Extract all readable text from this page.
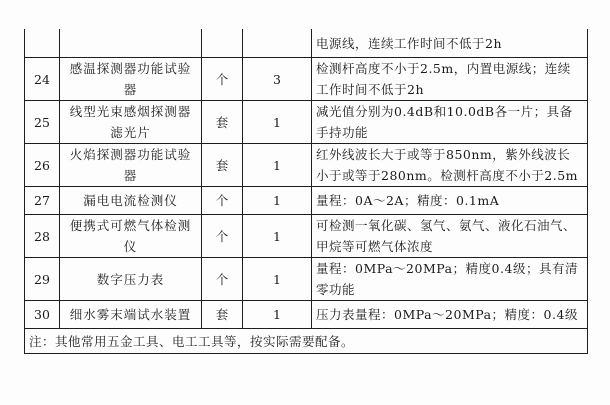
				电源线，连续工作时间不低于2h
24	感温探测器功能试验器	个	3	检测杆高度不小于2.5m，内置电源线；连续工作时间不低于2h
25	线型光束感烟探测器滤光片	套	1	减光值分别为0.4dB和10.0dB各一片；具备手持功能
26	火焰探测器功能试验器	套	1	红外线波长大于或等于850nm，紫外线波长小于或等于280nm。检测杆高度不小于2.5m
27	漏电电流检测仪	个	1	量程：0A～2A；精度：0.1mA
28	便携式可燃气体检测仪	个	1	可检测一氧化碳、氢气、氨气、液化石油气、甲烷等可燃气体浓度
29	数字压力表	个	1	量程：0MPa～20MPa；精度0.4级；具有清零功能
30	细水雾末端试水装置	套	1	压力表量程：0MPa～20MPa；精度：0.4级
注：其他常用五金工具、电工工具等，按实际需要配备。				
